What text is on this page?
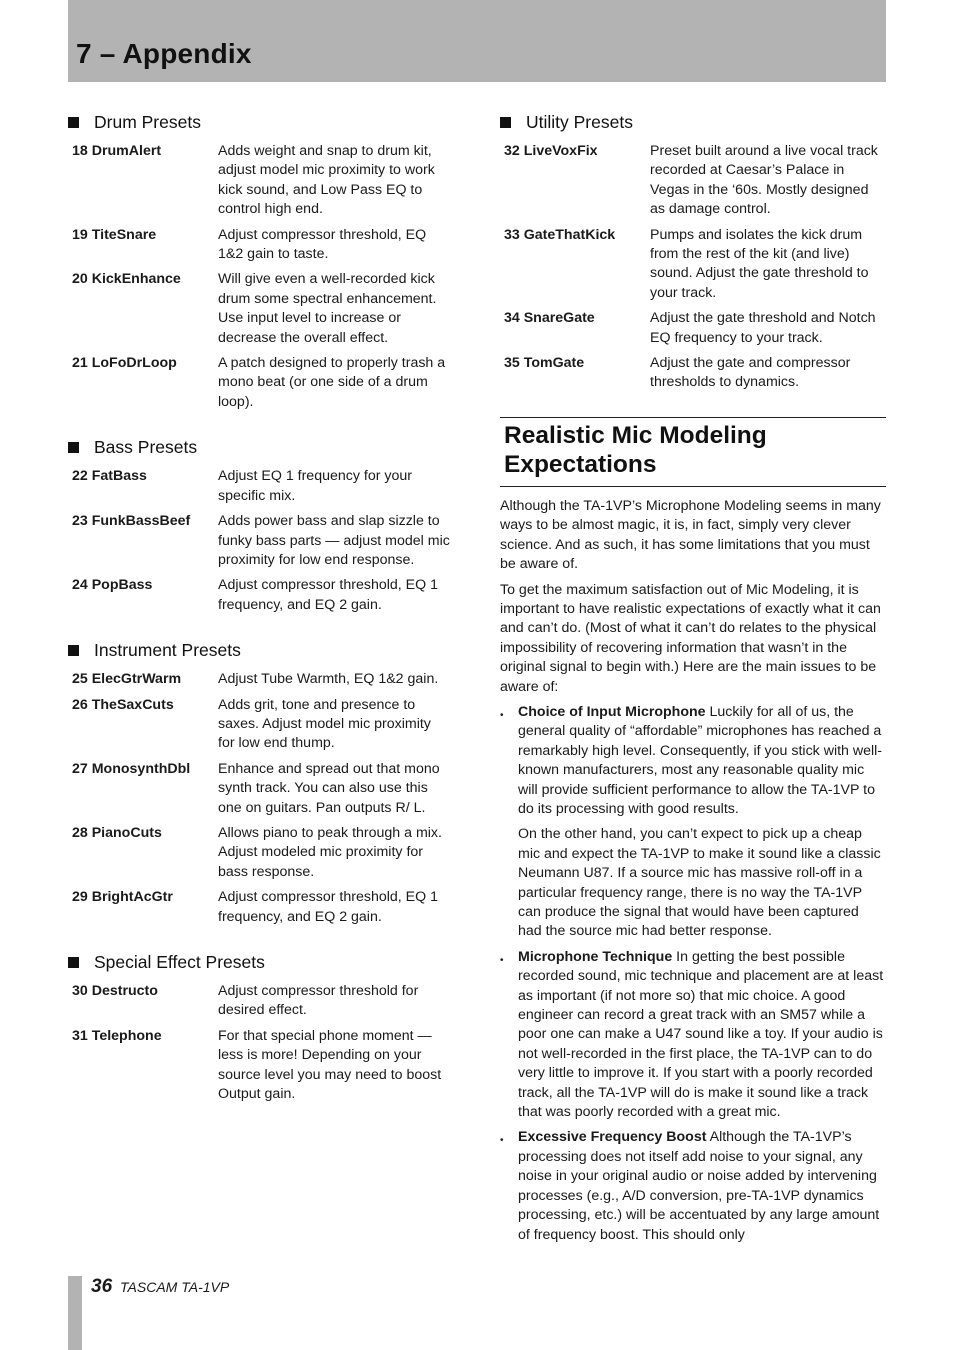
7 – Appendix
Drum Presets
18 DrumAlert	Adds weight and snap to drum kit, adjust model mic proximity to work kick sound, and Low Pass EQ to control high end.
19 TiteSnare	Adjust compressor threshold, EQ 1&2 gain to taste.
20 KickEnhance	Will give even a well-recorded kick drum some spectral enhancement. Use input level to increase or decrease the overall effect.
21 LoFoDrLoop	A patch designed to properly trash a mono beat (or one side of a drum loop).
Bass Presets
22 FatBass	Adjust EQ 1 frequency for your specific mix.
23 FunkBassBeef	Adds power bass and slap sizzle to funky bass parts — adjust model mic proximity for low end response.
24 PopBass	Adjust compressor threshold, EQ 1 frequency, and EQ 2 gain.
Instrument Presets
25 ElecGtrWarm	Adjust Tube Warmth, EQ 1&2 gain.
26 TheSaxCuts	Adds grit, tone and presence to saxes. Adjust model mic proximity for low end thump.
27 MonosynthDbl	Enhance and spread out that mono synth track. You can also use this one on guitars. Pan outputs R/ L.
28 PianoCuts	Allows piano to peak through a mix. Adjust modeled mic proximity for bass response.
29 BrightAcGtr	Adjust compressor threshold, EQ 1 frequency, and EQ 2 gain.
Special Effect Presets
30 Destructo	Adjust compressor threshold for desired effect.
31 Telephone	For that special phone moment — less is more! Depending on your source level you may need to boost Output gain.
Utility Presets
32 LiveVoxFix	Preset built around a live vocal track recorded at Caesar’s Palace in Vegas in the ‘60s. Mostly designed as damage control.
33 GateThatKick	Pumps and isolates the kick drum from the rest of the kit (and live) sound. Adjust the gate threshold to your track.
34 SnareGate	Adjust the gate threshold and Notch EQ frequency to your track.
35 TomGate	Adjust the gate and compressor thresholds to dynamics.
Realistic Mic Modeling Expectations

Although the TA-1VP’s Microphone Modeling seems in many ways to be almost magic, it is, in fact, simply very clever science. And as such, it has some limitations that you must be aware of.

To get the maximum satisfaction out of Mic Modeling, it is important to have realistic expectations of exactly what it can and can’t do. (Most of what it can’t do relates to the physical impossibility of recovering information that wasn’t in the original signal to begin with.) Here are the main issues to be aware of:

• Choice of Input Microphone Luckily for all of us, the general quality of “affordable” microphones has reached a remarkably high level. Consequently, if you stick with well-known manufacturers, most any reasonable quality mic will provide sufficient performance to allow the TA-1VP to do its processing with good results.
On the other hand, you can’t expect to pick up a cheap mic and expect the TA-1VP to make it sound like a classic Neumann U87. If a source mic has massive roll-off in a particular frequency range, there is no way the TA-1VP can produce the signal that would have been captured had the source mic had better response.
• Microphone Technique In getting the best possible recorded sound, mic technique and placement are at least as important (if not more so) that mic choice. A good engineer can record a great track with an SM57 while a poor one can make a U47 sound like a toy. If your audio is not well-recorded in the first place, the TA-1VP can to do very little to improve it. If you start with a poorly recorded track, all the TA-1VP will do is make it sound like a track that was poorly recorded with a great mic.
• Excessive Frequency Boost Although the TA-1VP’s processing does not itself add noise to your signal, any noise in your original audio or noise added by intervening processes (e.g., A/D conversion, pre-TA-1VP dynamics processing, etc.) will be accentuated by any large amount of frequency boost. This should only
36 TASCAM TA-1VP
